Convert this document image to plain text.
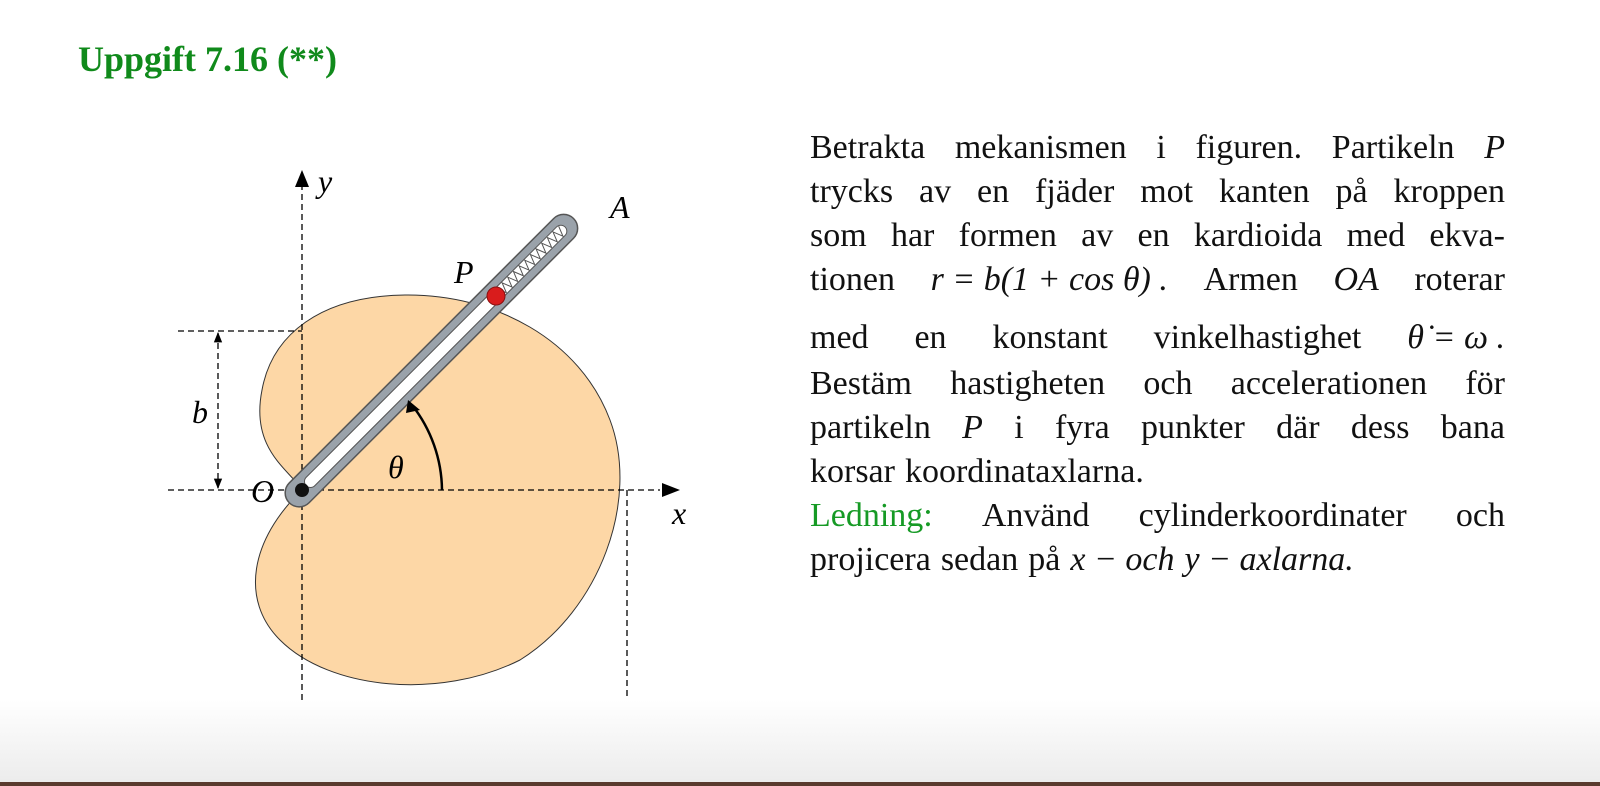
Uppgift 7.16 (**)
y
x
A
P
O
θ
b
Betrakta mekanismen i figuren. Partikeln P
trycks av en fjäder mot kanten på kroppen
som har formen av en kardioida med ekva-
tionen r = b(1 + cos θ) . Armen OA roterar
med en konstant vinkelhastighet θ̇ = ω .
Bestäm hastigheten och accelerationen för
partikeln P i fyra punkter där dess bana
korsar koordinataxlarna.
Ledning: Använd cylinderkoordinater och
projicera sedan på x − och y − axlarna.
